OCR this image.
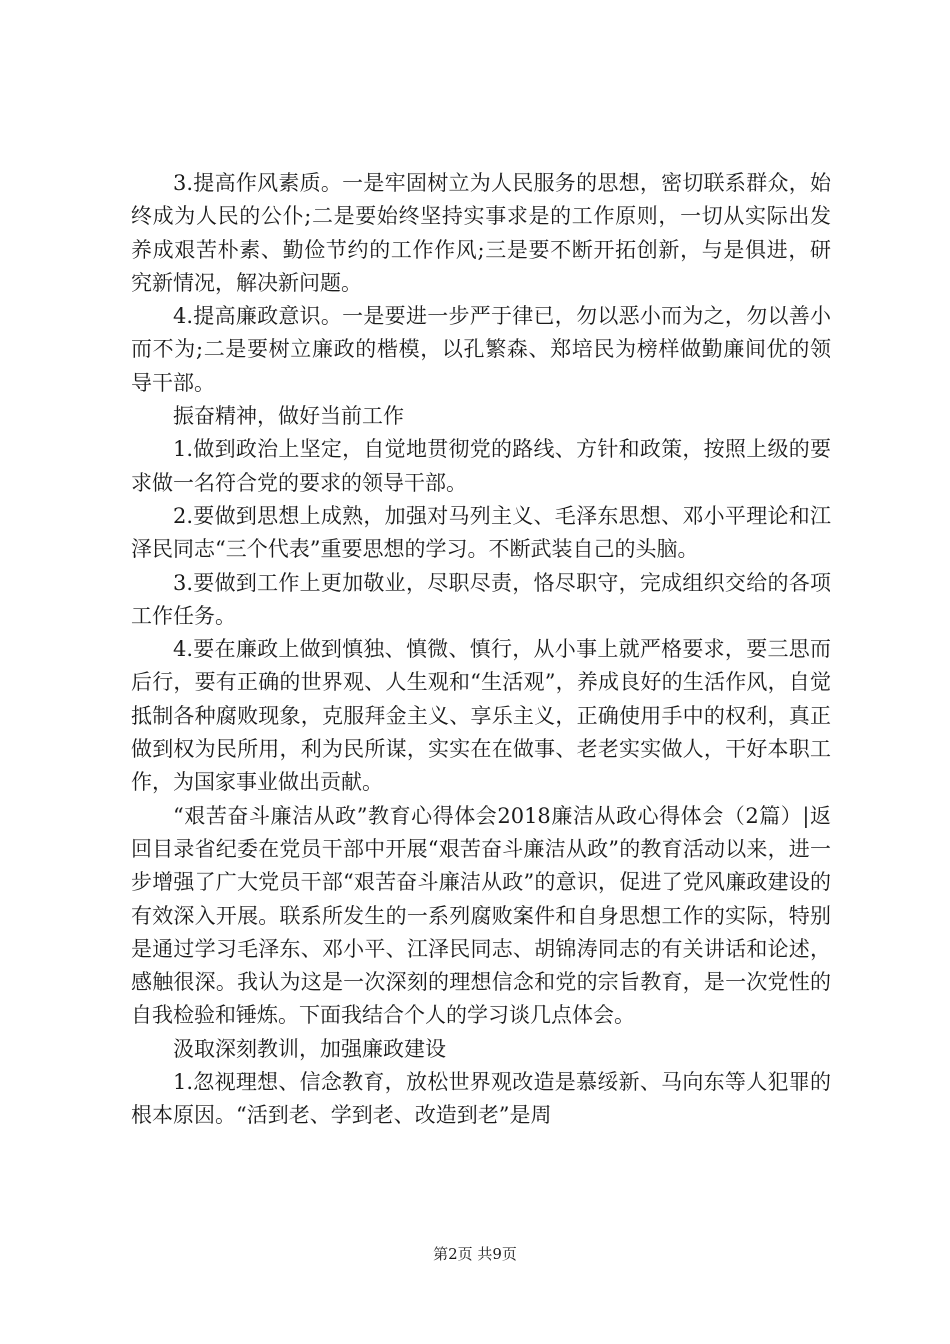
3.提高作风素质。一是牢固树立为人民服务的思想，密切联系群众，始终成为人民的公仆;二是要始终坚持实事求是的工作原则，一切从实际出发养成艰苦朴素、勤俭节约的工作作风;三是要不断开拓创新，与是俱进，研究新情况，解决新问题。

4.提高廉政意识。一是要进一步严于律已，勿以恶小而为之，勿以善小而不为;二是要树立廉政的楷模，以孔繁森、郑培民为榜样做勤廉间优的领导干部。

振奋精神，做好当前工作

1.做到政治上坚定，自觉地贯彻党的路线、方针和政策，按照上级的要求做一名符合党的要求的领导干部。

2.要做到思想上成熟，加强对马列主义、毛泽东思想、邓小平理论和江泽民同志“三个代表”重要思想的学习。不断武装自己的头脑。

3.要做到工作上更加敬业，尽职尽责，恪尽职守，完成组织交给的各项工作任务。

4.要在廉政上做到慎独、慎微、慎行，从小事上就严格要求，要三思而后行，要有正确的世界观、人生观和“生活观”，养成良好的生活作风，自觉抵制各种腐败现象，克服拜金主义、享乐主义，正确使用手中的权利，真正做到权为民所用，利为民所谋，实实在在做事、老老实实做人，干好本职工作，为国家事业做出贡献。

“艰苦奋斗廉洁从政”教育心得体会2018廉洁从政心得体会（2篇）|返回目录省纪委在党员干部中开展“艰苦奋斗廉洁从政”的教育活动以来，进一步增强了广大党员干部“艰苦奋斗廉洁从政”的意识，促进了党风廉政建设的有效深入开展。联系所发生的一系列腐败案件和自身思想工作的实际，特别是通过学习毛泽东、邓小平、江泽民同志、胡锦涛同志的有关讲话和论述，感触很深。我认为这是一次深刻的理想信念和党的宗旨教育，是一次党性的自我检验和锤炼。下面我结合个人的学习谈几点体会。

汲取深刻教训，加强廉政建设

1.忽视理想、信念教育，放松世界观改造是慕绥新、马向东等人犯罪的根本原因。“活到老、学到老、改造到老”是周

第2页 共9页
